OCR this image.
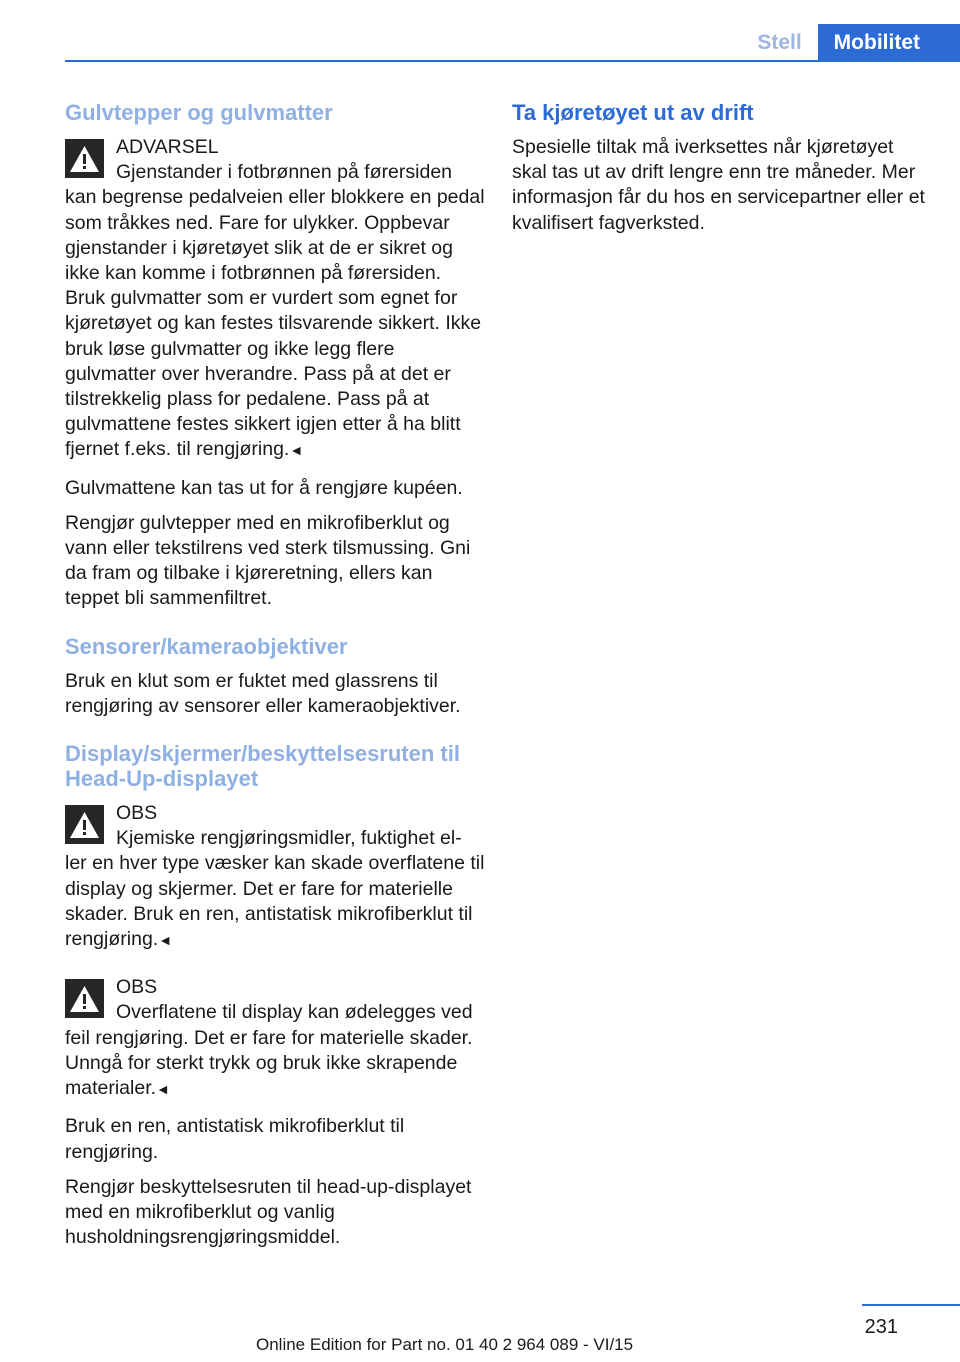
Stell	Mobilitet
Gulvtepper og gulvmatter

ADVARSEL

Gjenstander i fotbrønnen på førersiden

kan begrense pedalveien eller blokkere en pedal som tråkkes ned. Fare for ulykker. Oppbevar gjenstander i kjøretøyet slik at de er sikret og ikke kan komme i fotbrønnen på førersiden. Bruk gulvmatter som er vurdert som egnet for kjøretøyet og kan festes tilsvarende sikkert. Ikke bruk løse gulvmatter og ikke legg flere gulvmatter over hverandre. Pass på at det er tilstrekkelig plass for pedalene. Pass på at gulvmattene festes sikkert igjen etter å ha blitt fjernet f.eks. til rengjøring.◄

Gulvmattene kan tas ut for å rengjøre kupéen.

Rengjør gulvtepper med en mikrofiberklut og vann eller tekstilrens ved sterk tilsmussing. Gni da fram og tilbake i kjøreretning, ellers kan teppet bli sammenfiltret.

Sensorer/kameraobjektiver

Bruk en klut som er fuktet med glassrens til rengjøring av sensorer eller kameraobjektiver.

Display/skjermer/beskyttelsesruten til Head-Up-displayet

OBS

Kjemiske rengjøringsmidler, fuktighet el-

ler en hver type væsker kan skade overflatene til display og skjermer. Det er fare for materielle skader. Bruk en ren, antistatisk mikrofiberklut til rengjøring.◄

OBS

Overflatene til display kan ødelegges ved

feil rengjøring. Det er fare for materielle skader. Unngå for sterkt trykk og bruk ikke skrapende materialer.◄

Bruk en ren, antistatisk mikrofiberklut til rengjøring.

Rengjør beskyttelsesruten til head-up-displayet med en mikrofiberklut og vanlig husholdningsrengjøringsmiddel.

Ta kjøretøyet ut av drift

Spesielle tiltak må iverksettes når kjøretøyet skal tas ut av drift lengre enn tre måneder. Mer informasjon får du hos en servicepartner eller et kvalifisert fagverksted.

231
Online Edition for Part no. 01 40 2 964 089 - VI/15
